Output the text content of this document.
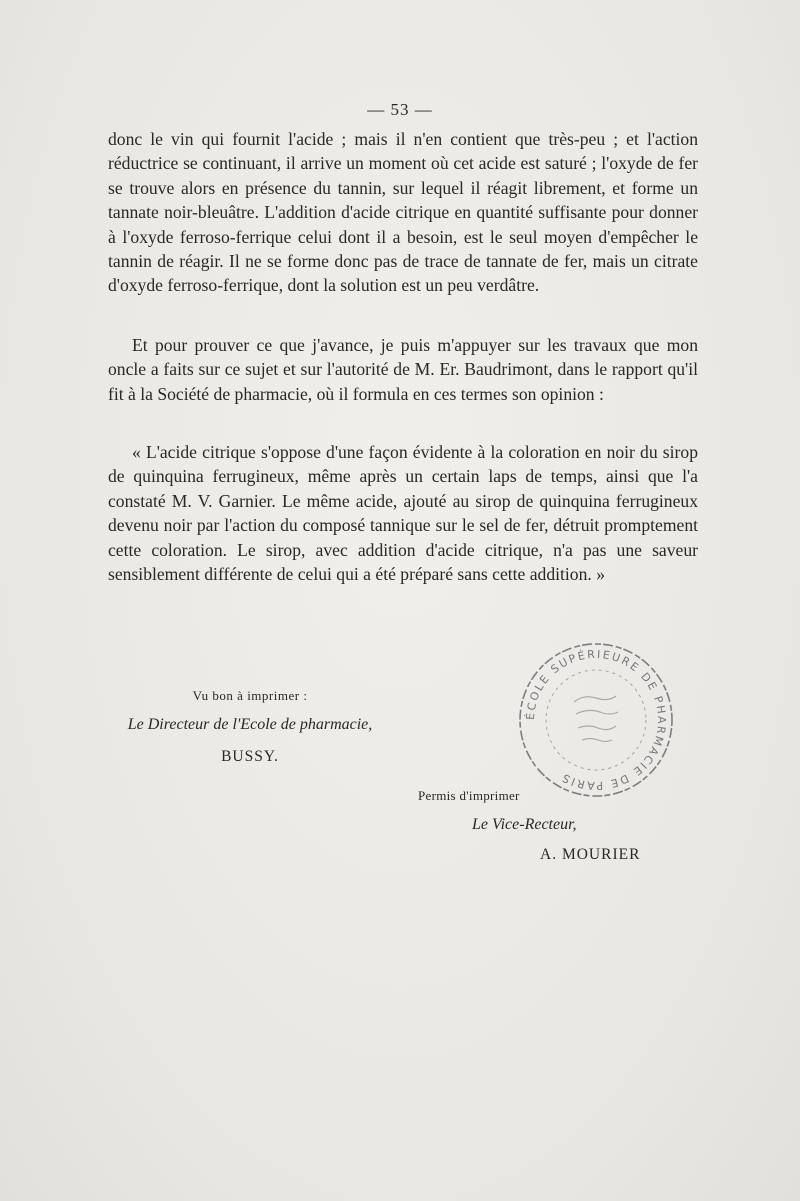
— 53 —

donc le vin qui fournit l'acide ; mais il n'en contient que très-peu ; et l'action réductrice se continuant, il arrive un moment où cet acide est saturé ; l'oxyde de fer se trouve alors en présence du tannin, sur lequel il réagit librement, et forme un tannate noir-bleuâtre. L'addition d'acide citrique en quantité suffisante pour donner à l'oxyde ferroso-ferrique celui dont il a besoin, est le seul moyen d'empêcher le tannin de réagir. Il ne se forme donc pas de trace de tannate de fer, mais un citrate d'oxyde ferroso-ferrique, dont la solution est un peu verdâtre.

Et pour prouver ce que j'avance, je puis m'appuyer sur les travaux que mon oncle a faits sur ce sujet et sur l'autorité de M. Er. Baudrimont, dans le rapport qu'il fit à la Société de pharmacie, où il formula en ces termes son opinion :

« L'acide citrique s'oppose d'une façon évidente à la coloration en noir du sirop de quinquina ferrugineux, même après un certain laps de temps, ainsi que l'a constaté M. V. Garnier. Le même acide, ajouté au sirop de quinquina ferrugineux devenu noir par l'action du composé tannique sur le sel de fer, détruit promptement cette coloration. Le sirop, avec addition d'acide citrique, n'a pas une saveur sensiblement différente de celui qui a été préparé sans cette addition. »

Vu bon à imprimer :
Le Directeur de l'Ecole de pharmacie,
BUSSY.
ÉCOLE SUPÉRIEURE DE PHARMACIE DE PARIS
Permis d'imprimer
Le Vice-Recteur,
A. MOURIER
